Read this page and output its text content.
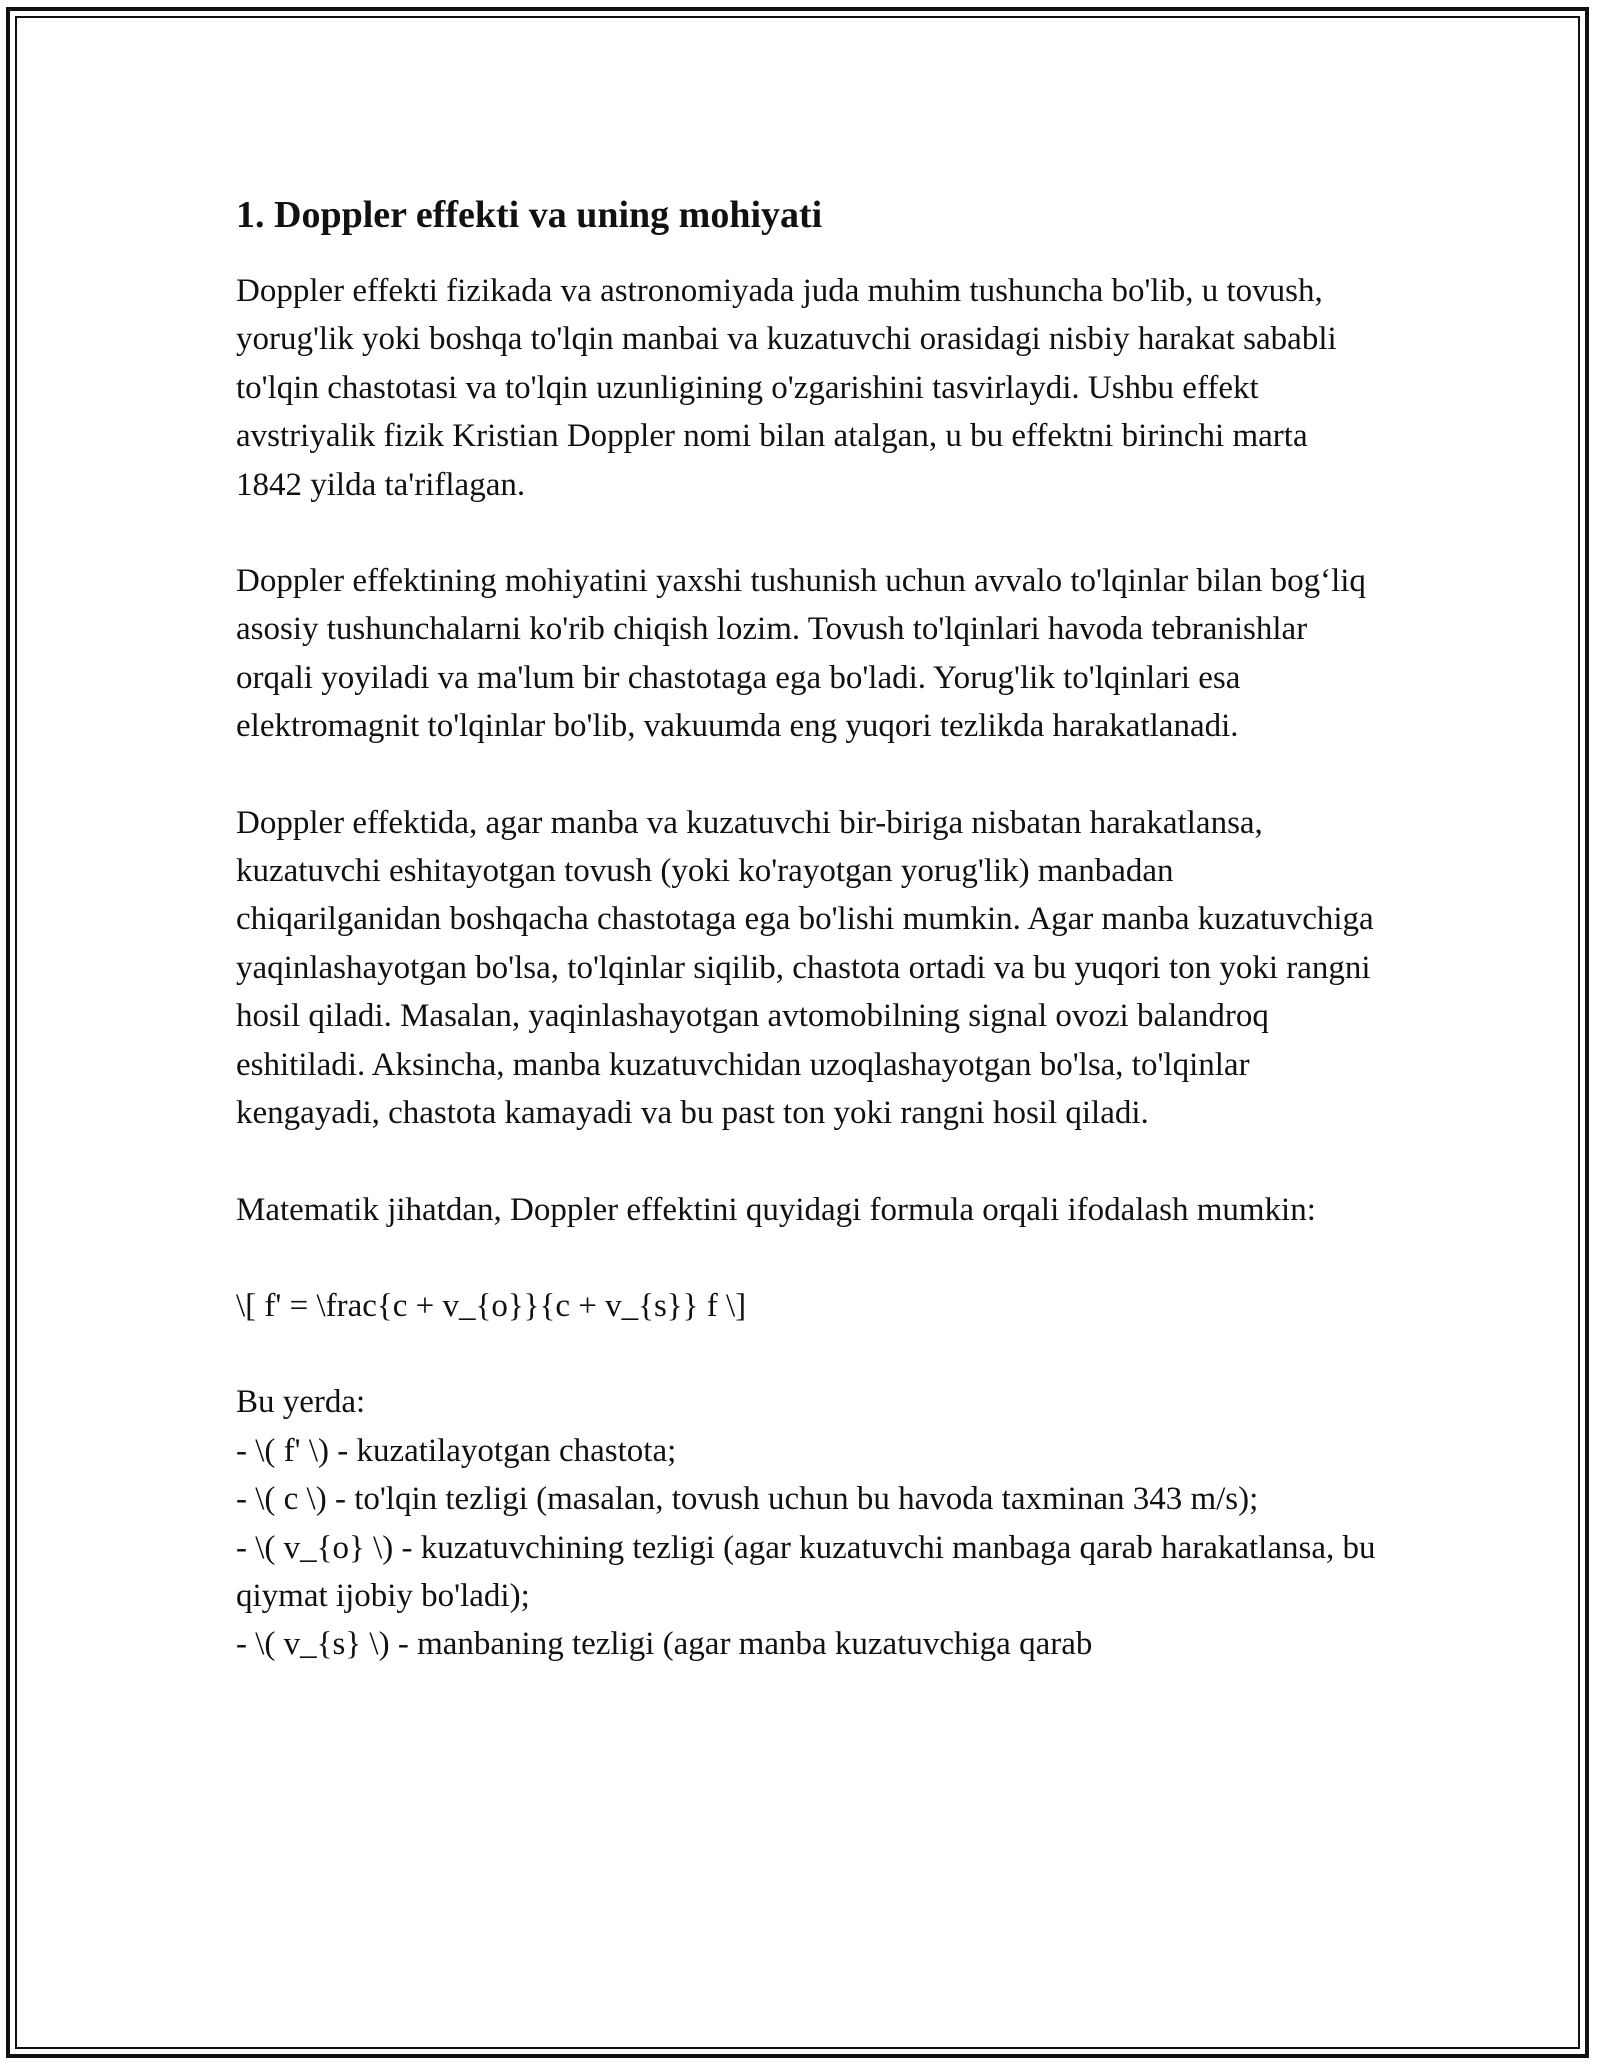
1. Doppler effekti va uning mohiyati

Doppler effekti fizikada va astronomiyada juda muhim tushuncha bo'lib, u tovush, yorug'lik yoki boshqa to'lqin manbai va kuzatuvchi orasidagi nisbiy harakat sababli to'lqin chastotasi va to'lqin uzunligining o'zgarishini tasvirlaydi. Ushbu effekt avstriyalik fizik Kristian Doppler nomi bilan atalgan, u bu effektni birinchi marta 1842 yilda ta'riflagan.

Doppler effektining mohiyatini yaxshi tushunish uchun avvalo to'lqinlar bilan bog‘liq asosiy tushunchalarni ko'rib chiqish lozim. Tovush to'lqinlari havoda tebranishlar orqali yoyiladi va ma'lum bir chastotaga ega bo'ladi. Yorug'lik to'lqinlari esa elektromagnit to'lqinlar bo'lib, vakuumda eng yuqori tezlikda harakatlanadi.

Doppler effektida, agar manba va kuzatuvchi bir-biriga nisbatan harakatlansa, kuzatuvchi eshitayotgan tovush (yoki ko'rayotgan yorug'lik) manbadan chiqarilganidan boshqacha chastotaga ega bo'lishi mumkin. Agar manba kuzatuvchiga yaqinlashayotgan bo'lsa, to'lqinlar siqilib, chastota ortadi va bu yuqori ton yoki rangni hosil qiladi. Masalan, yaqinlashayotgan avtomobilning signal ovozi balandroq eshitiladi. Aksincha, manba kuzatuvchidan uzoqlashayotgan bo'lsa, to'lqinlar kengayadi, chastota kamayadi va bu past ton yoki rangni hosil qiladi.

Matematik jihatdan, Doppler effektini quyidagi formula orqali ifodalash mumkin:

\[ f' = \frac{c + v_{o}}{c + v_{s}} f \]

Bu yerda:
- \( f' \) - kuzatilayotgan chastota;
- \( c \) - to'lqin tezligi (masalan, tovush uchun bu havoda taxminan 343 m/s);
- \( v_{o} \) - kuzatuvchining tezligi (agar kuzatuvchi manbaga qarab harakatlansa, bu qiymat ijobiy bo'ladi);
- \( v_{s} \) - manbaning tezligi (agar manba kuzatuvchiga qarab
